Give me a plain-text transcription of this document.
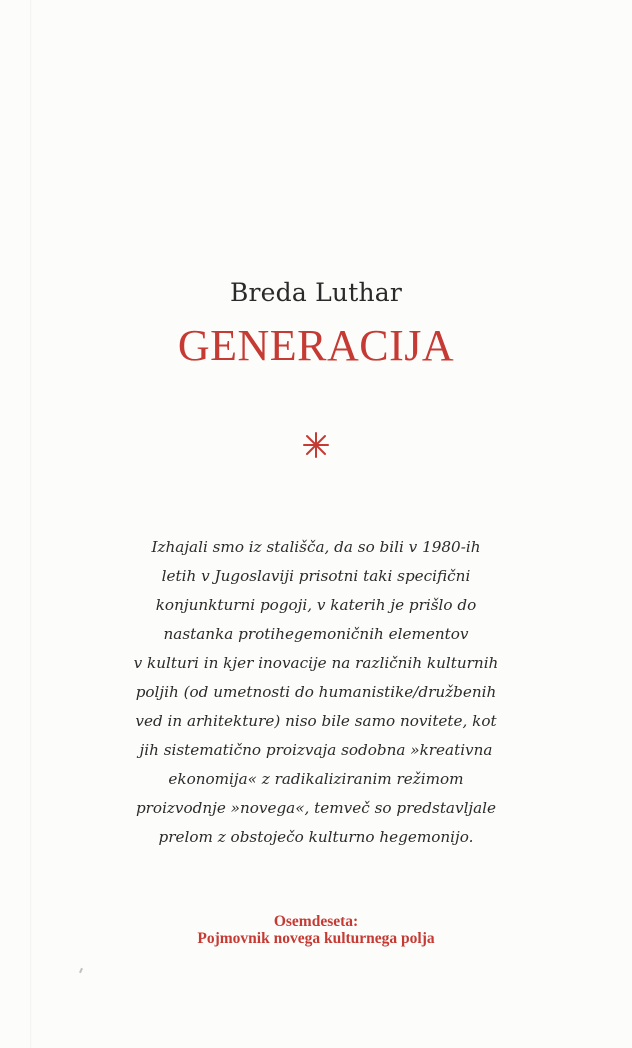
Breda Luthar
GENERACIJA

Izhajali smo iz stališča, da so bili v 1980-ih
letih v Jugoslaviji prisotni taki specifični
konjunkturni pogoji, v katerih je prišlo do
nastanka protihegemoničnih elementov
v kulturi in kjer inovacije na različnih kulturnih
poljih (od umetnosti do humanistike/družbenih
ved in arhitekture) niso bile samo novitete, kot
jih sistematično proizvaja sodobna »kreativna
ekonomija« z radikaliziranim režimom
proizvodnje »novega«, temveč so predstavljale
prelom z obstoječo kulturno hegemonijo.

Osemdeseta:
Pojmovnik novega kulturnega polja
